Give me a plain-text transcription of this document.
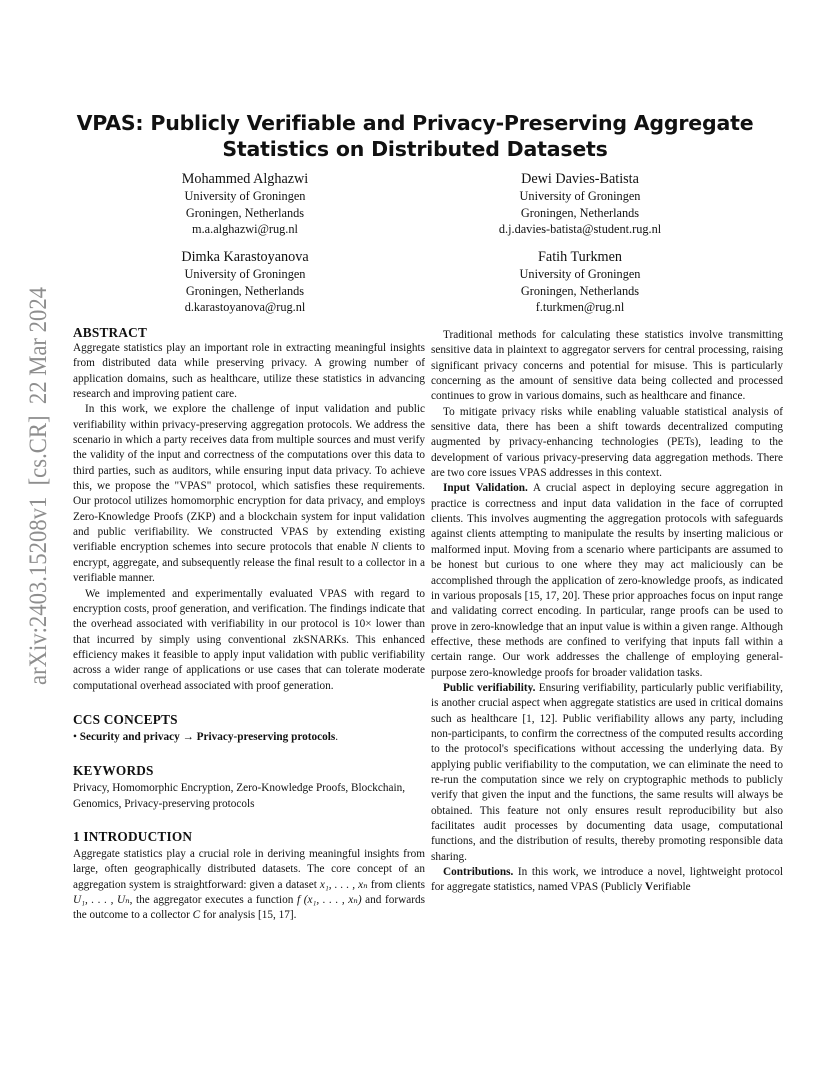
arXiv:2403.15208v1  [cs.CR]  22 Mar 2024
VPAS: Publicly Verifiable and Privacy-Preserving Aggregate
Statistics on Distributed Datasets
Mohammed Alghazwi
University of Groningen
Groningen, Netherlands
m.a.alghazwi@rug.nl
Dewi Davies-Batista
University of Groningen
Groningen, Netherlands
d.j.davies-batista@student.rug.nl
Dimka Karastoyanova
University of Groningen
Groningen, Netherlands
d.karastoyanova@rug.nl
Fatih Turkmen
University of Groningen
Groningen, Netherlands
f.turkmen@rug.nl
ABSTRACT

Aggregate statistics play an important role in extracting meaningful insights from distributed data while preserving privacy. A growing number of application domains, such as healthcare, utilize these statistics in advancing research and improving patient care.

In this work, we explore the challenge of input validation and public verifiability within privacy-preserving aggregation protocols. We address the scenario in which a party receives data from multiple sources and must verify the validity of the input and correctness of the computations over this data to third parties, such as auditors, while ensuring input data privacy. To achieve this, we propose the "VPAS" protocol, which satisfies these requirements. Our protocol utilizes homomorphic encryption for data privacy, and employs Zero-Knowledge Proofs (ZKP) and a blockchain system for input validation and public verifiability. We constructed VPAS by extending existing verifiable encryption schemes into secure protocols that enable N clients to encrypt, aggregate, and subsequently release the final result to a collector in a verifiable manner.

We implemented and experimentally evaluated VPAS with regard to encryption costs, proof generation, and verification. The findings indicate that the overhead associated with verifiability in our protocol is 10× lower than that incurred by simply using conventional zkSNARKs. This enhanced efficiency makes it feasible to apply input validation with public verifiability across a wider range of applications or use cases that can tolerate moderate computational overhead associated with proof generation.

CCS CONCEPTS

• Security and privacy → Privacy-preserving protocols.

KEYWORDS

Privacy, Homomorphic Encryption, Zero-Knowledge Proofs, Blockchain, Genomics, Privacy-preserving protocols

1 INTRODUCTION

Aggregate statistics play a crucial role in deriving meaningful insights from large, often geographically distributed datasets. The core concept of an aggregation system is straightforward: given a dataset x₁, . . . , xₙ from clients U₁, . . . , Uₙ, the aggregator executes a function f (x₁, . . . , xₙ) and forwards the outcome to a collector C for analysis [15, 17].

Traditional methods for calculating these statistics involve transmitting sensitive data in plaintext to aggregator servers for central processing, raising significant privacy concerns and potential for misuse. This is particularly concerning as the amount of sensitive data being collected and processed continues to grow in various domains, such as healthcare and finance.

To mitigate privacy risks while enabling valuable statistical analysis of sensitive data, there has been a shift towards decentralized computing augmented by privacy-enhancing technologies (PETs), leading to the development of various privacy-preserving data aggregation methods. There are two core issues VPAS addresses in this context.

Input Validation. A crucial aspect in deploying secure aggregation in practice is correctness and input data validation in the face of corrupted clients. This involves augmenting the aggregation protocols with safeguards against clients attempting to manipulate the results by inserting malicious or malformed input. Moving from a scenario where participants are assumed to be honest but curious to one where they may act maliciously can be accomplished through the application of zero-knowledge proofs, as indicated in various proposals [15, 17, 20]. These prior approaches focus on input range and validating correct encoding. In particular, range proofs can be used to prove in zero-knowledge that an input value is within a given range. Although effective, these methods are confined to verifying that inputs fall within a certain range. Our work addresses the challenge of employing general-purpose zero-knowledge proofs for broader validation tasks.

Public verifiability. Ensuring verifiability, particularly public verifiability, is another crucial aspect when aggregate statistics are used in critical domains such as healthcare [1, 12]. Public verifiability allows any party, including non-participants, to confirm the correctness of the computed results according to the protocol's specifications without accessing the underlying data. By applying public verifiability to the computation, we can eliminate the need to re-run the computation since we rely on cryptographic methods to publicly verify that given the input and the functions, the same results will always be obtained. This feature not only ensures result reproducibility but also facilitates audit processes by documenting data usage, computational functions, and the distribution of results, thereby promoting responsible data sharing.

Contributions. In this work, we introduce a novel, lightweight protocol for aggregate statistics, named VPAS (Publicly Verifiable
